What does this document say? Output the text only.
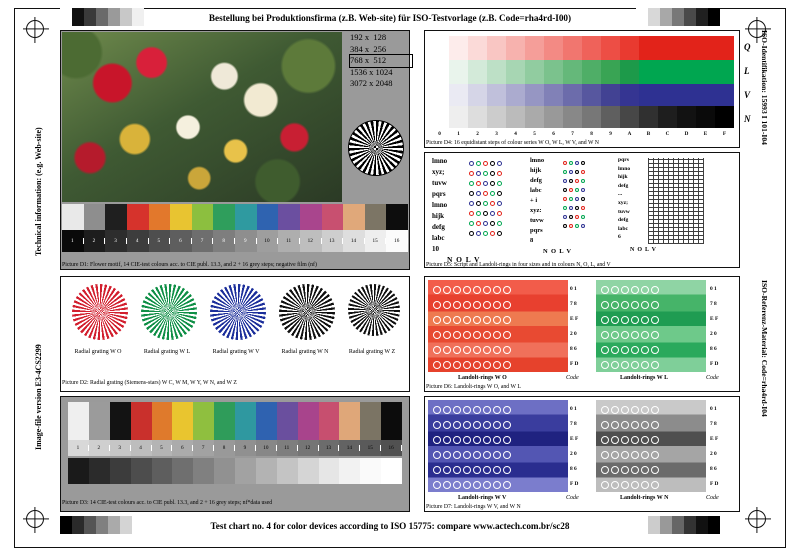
Bestellung bei Produktionsfirma (z.B. Web-site) für ISO-Testvorlage (z.B. Code=rha4rd-I00)
Test chart no. 4 for color devices according to ISO 15775: compare www.actech.com.br/sc28
Technical information: (e.g. Web-site)
Image-file version E3-4CS2299
ISO-Identifikation: 15993 I 101-I04
ISO-Referenz-Material: Code=rha4rd-I04
Q
L
V
N
1	2	3	4	5	6	7	8	9	10	11	12	13	14	15	16
Picture D1: Flower motif, 14 CIE-test colours acc. to CIE publ. 13.3, and 2 + 16 grey steps; negative film (nf)
192 x  128
384 x  256
768 x  512
1536 x 1024
3072 x 2048
Radial grating W O	Radial grating W L	Radial grating W V	Radial grating W N	Radial grating W Z
Picture D2: Radial grating (Siemens-stars) W C, W M, W Y, W N, and W Z
1	2	3	4	5	6	7	8	9	10	11	12	13	14	15	16
Picture D3: 14 CIE-test colours acc. to CIE publ. 13.3, and 2 + 16 grey steps; nf*data used
0	1	2	3	4	5	6	7	8	9	A	B	C	D	E	F
Picture D4: 16 equidistant steps of colour series W O, W L, W V, and W N
lmno
xyz;
tuvw
pqrs
lmno
hijk
defg
labc
10
N  O  L  V
lmno
hijk
defg
labc
+ i
xyz:
tuvw
pqrs
8
N  O  L  V
pqrs
lmno
hijk
defg
...
xyz;
tuvw
defg
labc
6
N  O  L  V
Picture D5: Script and Landolt-rings in four sizes and in colours N, O, L, and V
0 1
7 8
E F
2 0
8 6
F D
0 1
7 8
E F
2 0
8 6
F D
Landolt-rings W O	Code	Landolt-rings W L	Code
Picture D6: Landolt-rings W O, and W L
0 1
7 8
E F
2 0
8 6
F D
0 1
7 8
E F
2 0
8 6
F D
Landolt-rings W V	Code	Landolt-rings W N	Code
Picture D7: Landolt-rings W V, and W N
